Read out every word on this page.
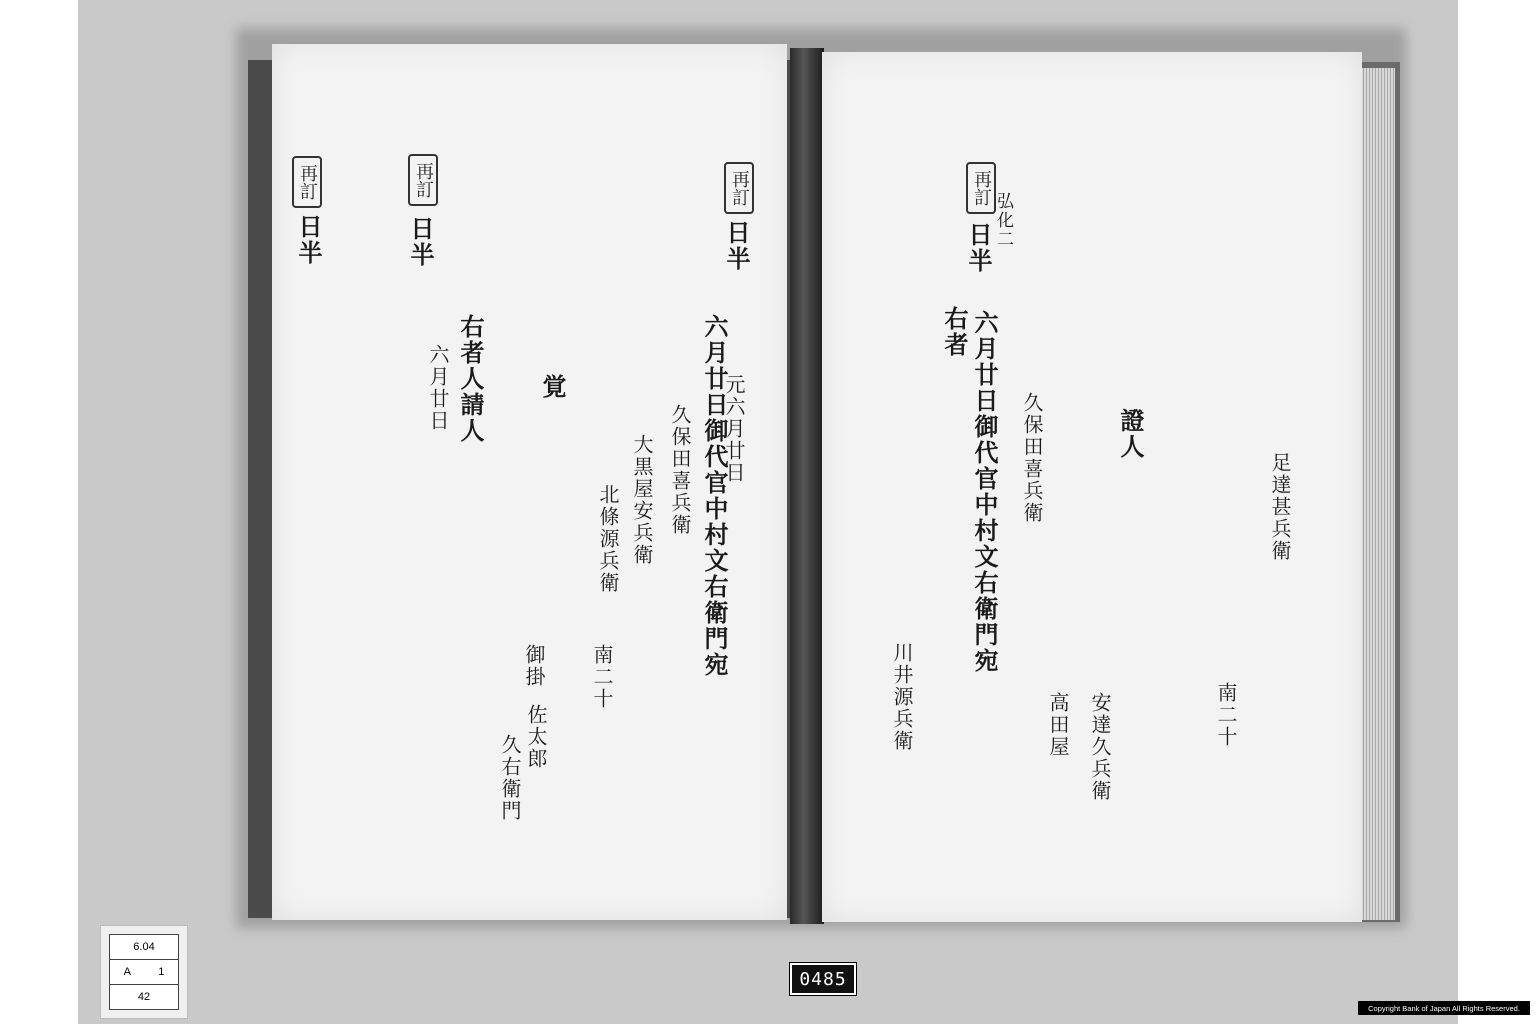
再訂	再訂	再訂
日半	日半	日半
元六月廿日
六月廿日御代官中村文右衛門宛
久保田喜兵衛
大黒屋安兵衛
北條源兵衛
御掛
佐太郎
久右衛門
南二十
六月廿日 右者人請人 覚
再訂
弘化二
日半
右者 六月廿日御代官中村文右衛門宛 久保田喜兵衛	證人
川井源兵衛	安達久兵衛
高田屋
足達甚兵衛
南二十
6.04
A 1
42
0485
Copyright Bank of Japan All Rights Reserved.
